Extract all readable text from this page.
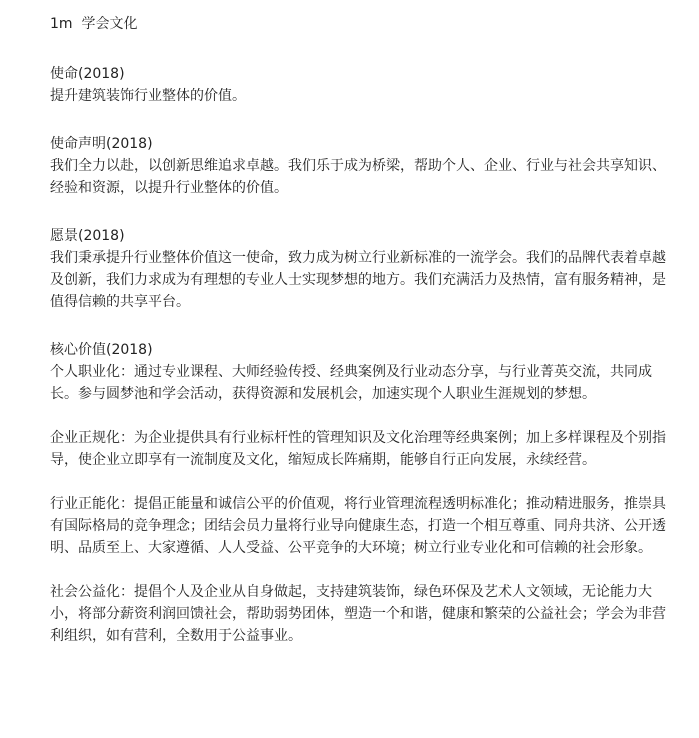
1m  学会文化

使命(2018)

提升建筑装饰行业整体的价值。

使命声明(2018)

我们全力以赴，以创新思维追求卓越。我们乐于成为桥梁，帮助个人、企业、行业与社会共享知识、经验和资源，以提升行业整体的价值。

愿景(2018)

我们秉承提升行业整体价值这一使命，致力成为树立行业新标准的一流学会。我们的品牌代表着卓越及创新，我们力求成为有理想的专业人士实现梦想的地方。我们充满活力及热情，富有服务精神，是值得信赖的共享平台。

核心价值(2018)

个人职业化：通过专业课程、大师经验传授、经典案例及行业动态分享，与行业菁英交流，共同成长。参与圆梦池和学会活动，获得资源和发展机会，加速实现个人职业生涯规划的梦想。

企业正规化：为企业提供具有行业标杆性的管理知识及文化治理等经典案例；加上多样课程及个别指导，使企业立即享有一流制度及文化，缩短成长阵痛期，能够自行正向发展，永续经营。

行业正能化：提倡正能量和诚信公平的价值观，将行业管理流程透明标准化；推动精进服务，推崇具有国际格局的竞争理念；团结会员力量将行业导向健康生态，打造一个相互尊重、同舟共济、公开透明、品质至上、大家遵循、人人受益、公平竞争的大环境；树立行业专业化和可信赖的社会形象。

社会公益化：提倡个人及企业从自身做起，支持建筑装饰，绿色环保及艺术人文领域，无论能力大小，将部分薪资利润回馈社会，帮助弱势团体，塑造一个和谐，健康和繁荣的公益社会；学会为非营利组织，如有营利，全数用于公益事业。
